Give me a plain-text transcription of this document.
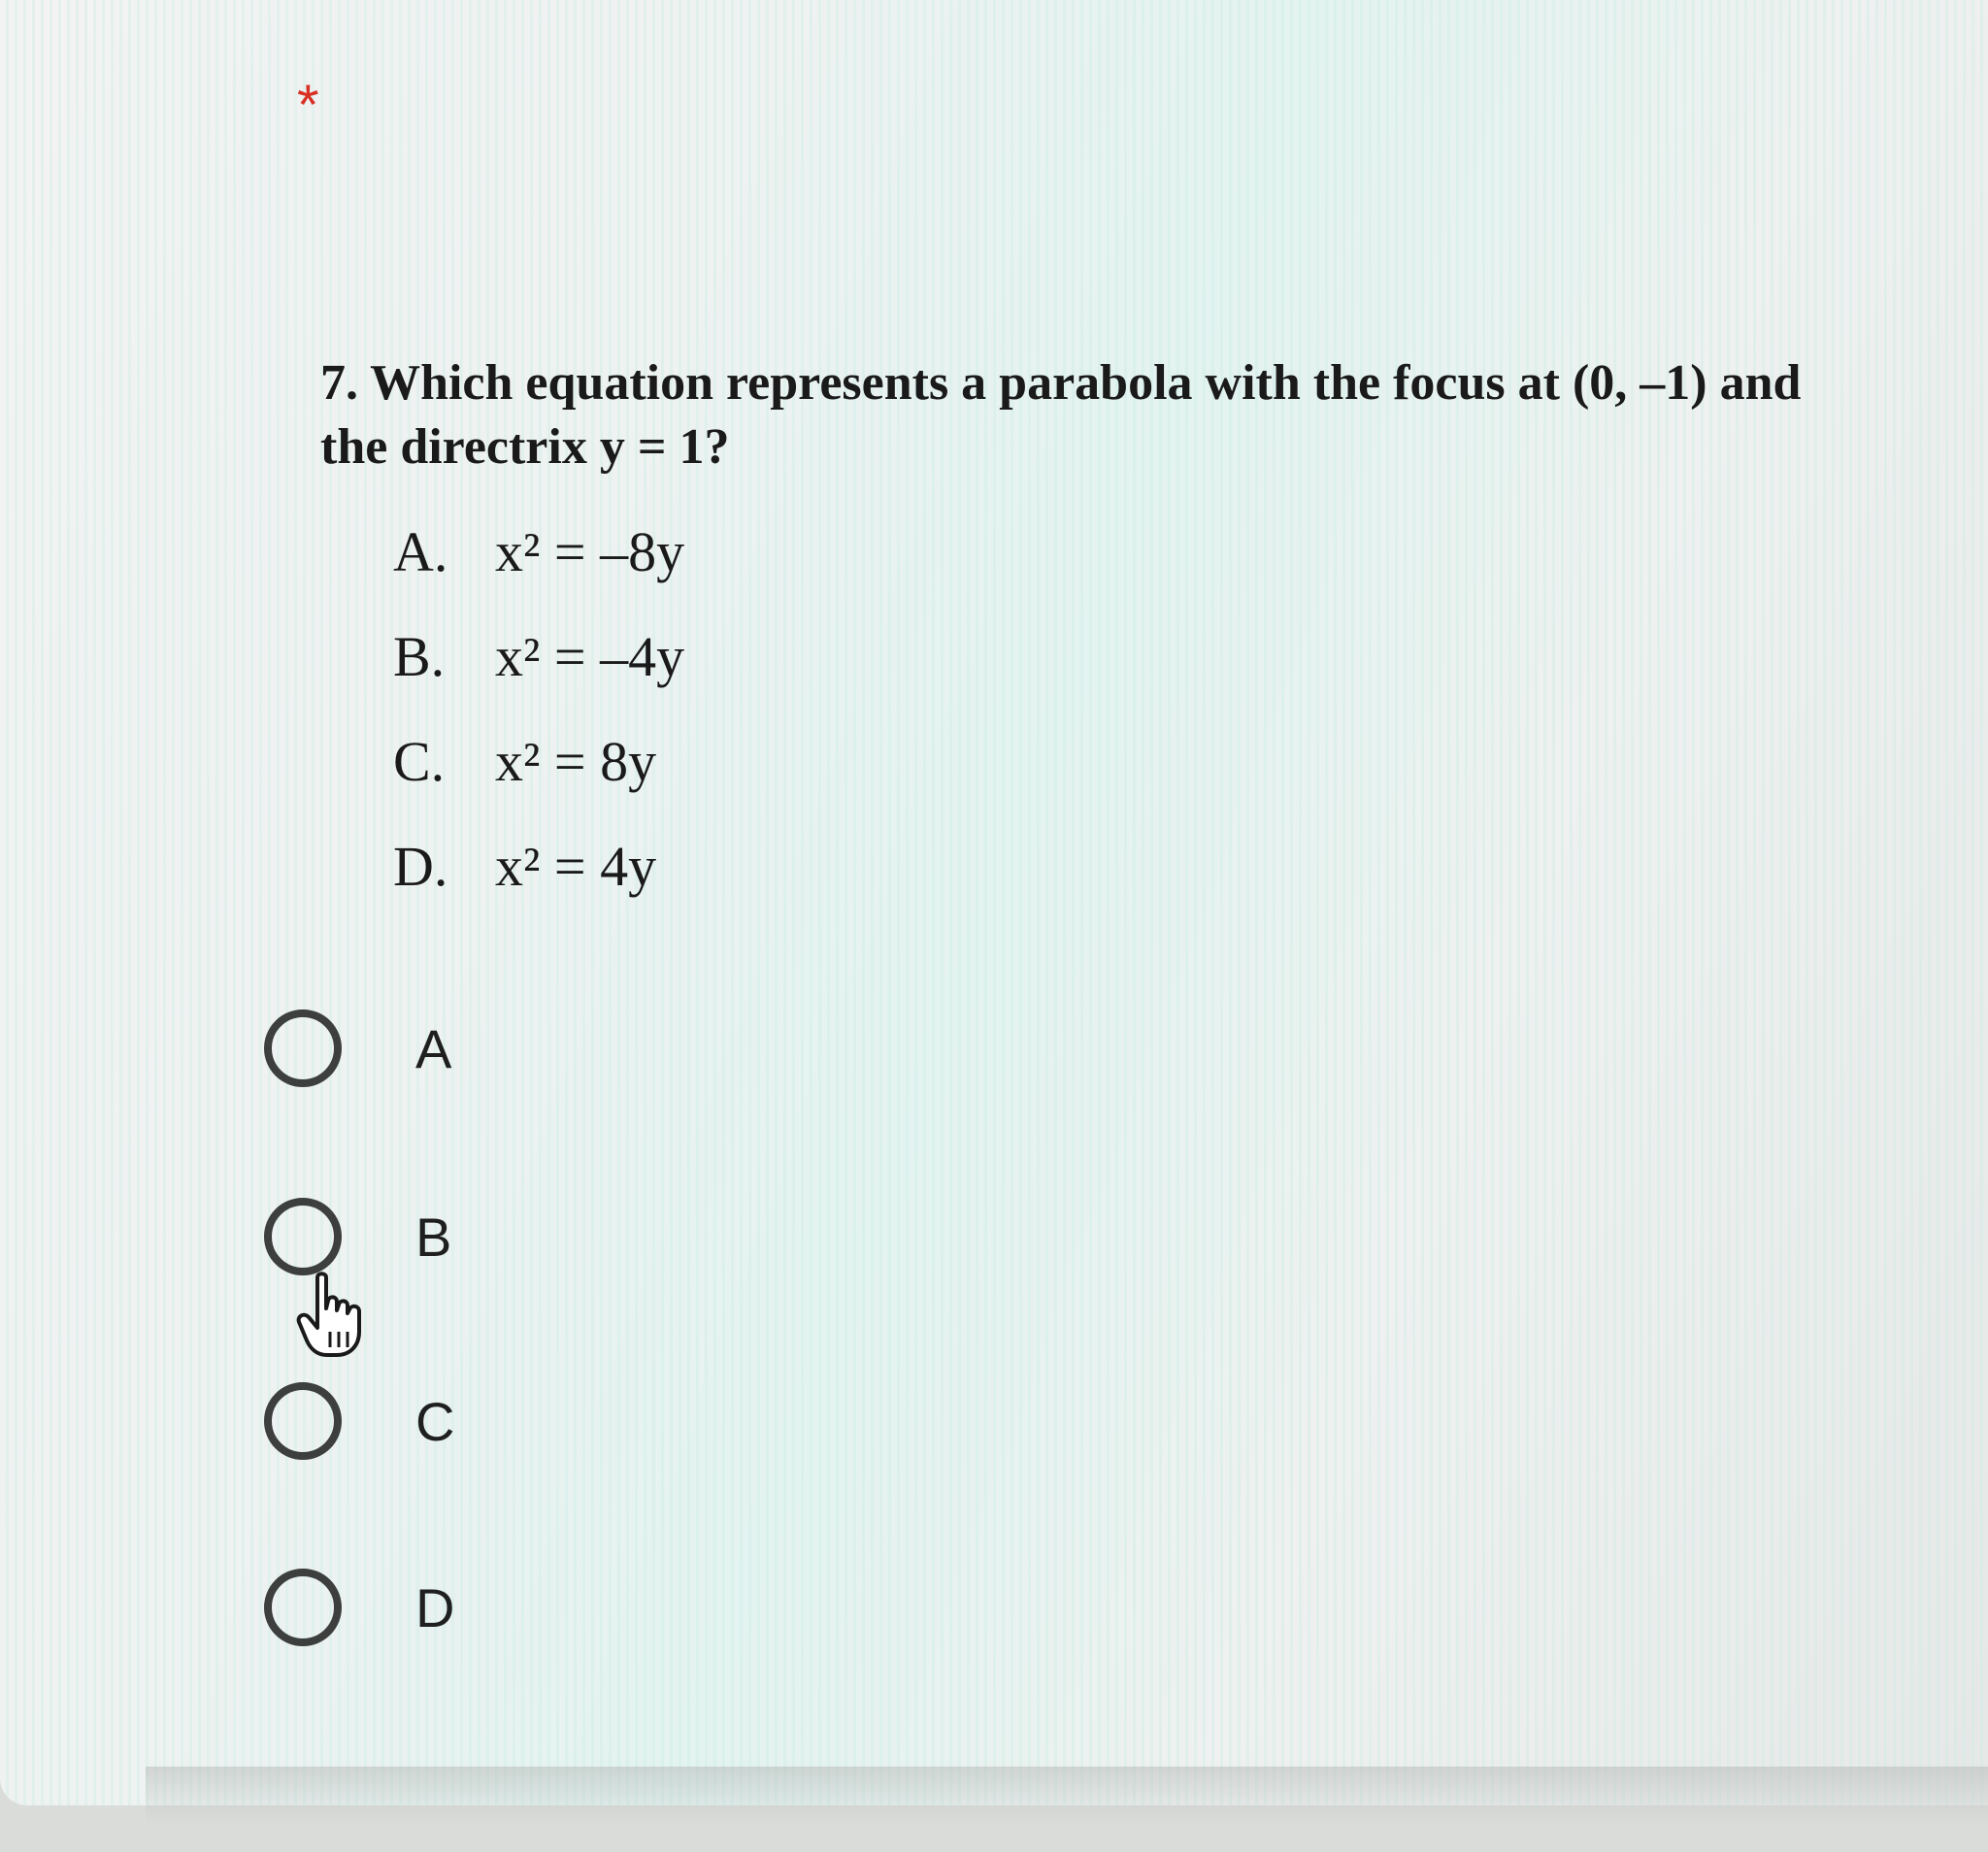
*
7. Which equation represents a parabola with the focus at (0, –1) and the directrix y = 1?
A. x² = –8y
B. x² = –4y
C. x² = 8y
D. x² = 4y
A
B
C
D
